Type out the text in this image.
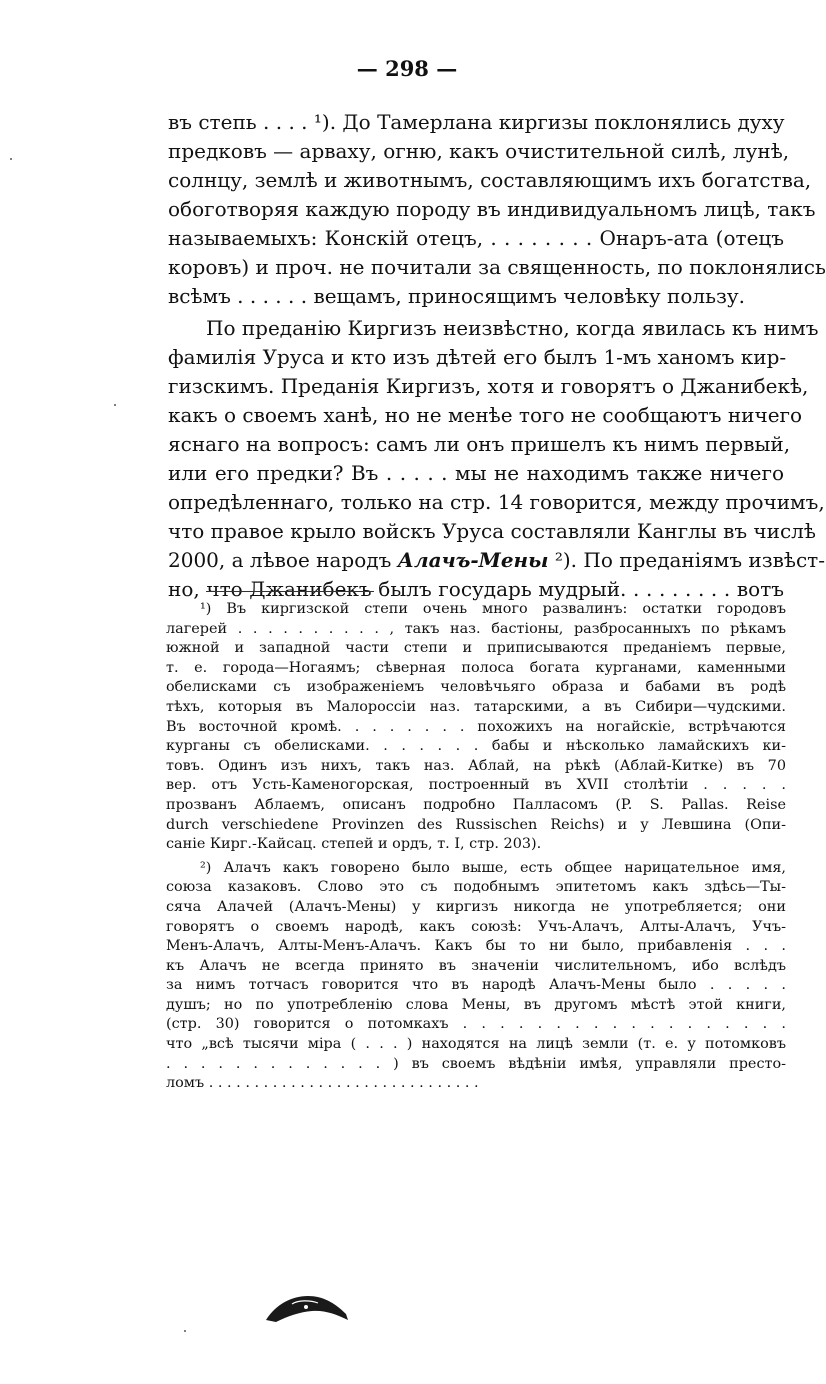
— 298 —
въ степь . . . . ¹). До Тамерлана киргизы поклонялись духу
предковъ — арваху, огню, какъ очистительной силѣ, лунѣ,
солнцу, землѣ и животнымъ, составляющимъ ихъ богатства,
обоготворяя каждую породу въ индивидуальномъ лицѣ, такъ
называемыхъ: Конскій отецъ, . . . . . . . . Онаръ-ата (отецъ
коровъ) и проч. не почитали за священность, по поклонялись
всѣмъ . . . . . . вещамъ, приносящимъ человѣку пользу.
По преданію Киргизъ неизвѣстно, когда явилась къ нимъ
фамилія Уруса и кто изъ дѣтей его былъ 1-мъ ханомъ кир-
гизскимъ. Преданія Киргизъ, хотя и говорятъ о Джанибекѣ,
какъ о своемъ ханѣ, но не менѣе того не сообщаютъ ничего
яснаго на вопросъ: самъ ли онъ пришелъ къ нимъ первый,
или его предки? Въ . . . . . мы не находимъ также ничего
опредѣленнаго, только на стр. 14 говорится, между прочимъ,
что правое крыло войскъ Уруса составляли Канглы въ числѣ
2000, а лѣвое народъ Алачъ-Мены ²). По преданіямъ извѣст-
но, что Джанибекъ былъ государь мудрый. . . . . . . . . вотъ
¹) Въ киргизской степи очень много развалинъ: остатки городовъ
лагерей . . . . . . . . . . , такъ наз. бастіоны, разбросанныхъ по рѣкамъ
южной и западной части степи и приписываются преданіемъ первые,
т. е. города—Ногаямъ; сѣверная полоса богата курганами, каменными
обелисками съ изображеніемъ человѣчьяго образа и бабами въ родѣ
тѣхъ, которыя въ Малороссіи наз. татарскими, а въ Сибири—чудскими.
Въ восточной кромѣ. . . . . . . . похожихъ на ногайскіе, встрѣчаются
курганы съ обелисками. . . . . . . бабы и нѣсколько ламайскихъ ки-
товъ. Одинъ изъ нихъ, такъ наз. Аблай, на рѣкѣ (Аблай-Китке) въ 70
вер. отъ Усть-Каменогорская, построенный въ XVII столѣтіи . . . . .
прозванъ Аблаемъ, описанъ подробно Палласомъ (P. S. Pallas. Reise
durch verschiedene Provinzen des Russischen Reichs) и у Левшина (Опи-
саніе Кирг.-Кайсац. степей и ордъ, т. I, стр. 203).
²) Алачъ какъ говорено было выше, есть общее нарицательное имя,
союза казаковъ. Слово это съ подобнымъ эпитетомъ какъ здѣсь—Ты-
сяча Алачей (Алачъ-Мены) у киргизъ никогда не употребляется; они
говорятъ о своемъ народѣ, какъ союзѣ: Учъ-Алачъ, Алты-Алачъ, Учъ-
Менъ-Алачъ, Алты-Менъ-Алачъ. Какъ бы то ни было, прибавленія . . .
къ Алачъ не всегда принято въ значеніи числительномъ, ибо вслѣдъ
за нимъ тотчасъ говорится что въ народѣ Алачъ-Мены было . . . . .
душъ; но по употребленію слова Мены, въ другомъ мѣстѣ этой книги,
(стр. 30) говорится о потомкахъ . . . . . . . . . . . . . . . . . .
что „всѣ тысячи міра ( . . . ) находятся на лицѣ земли (т. е. у потомковъ
. . . . . . . . . . . . . ) въ своемъ вѣдѣніи имѣя, управляли престо-
ломъ . . . . . . . . . . . . . . . . . . . . . . . . . . . . . .
